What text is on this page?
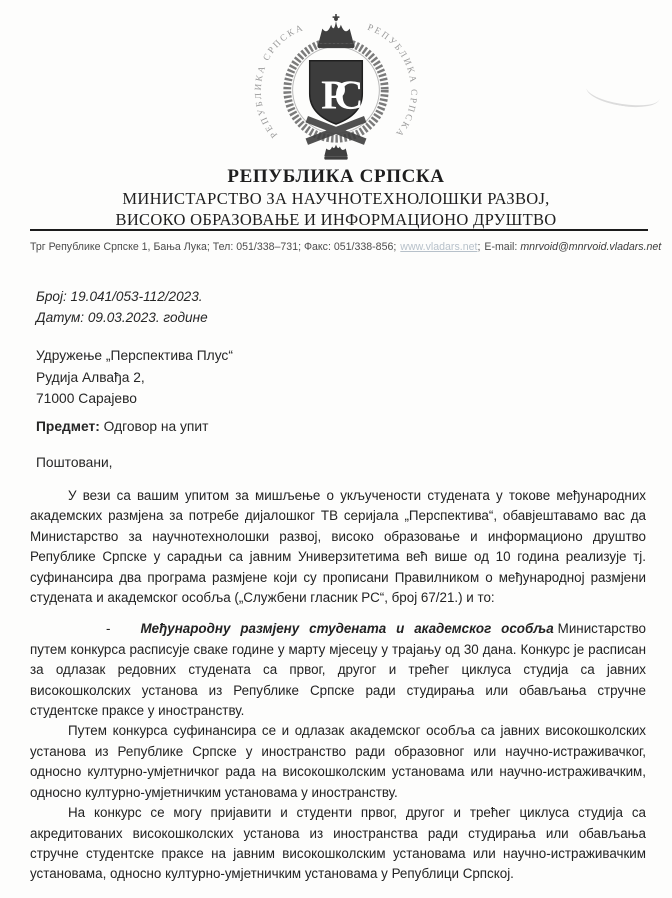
РЕПУБЛИКА СРПСКА	РЕПУБЛИКА СРПСКА
РС
РЕПУБЛИКА СРПСКА
МИНИСТАРСТВО ЗА НАУЧНОТЕХНОЛОШКИ РАЗВОЈ,
ВИСОКО ОБРАЗОВАЊЕ И ИНФОРМАЦИОНО ДРУШТВО
Трг Републике Српске 1, Бања Лука; Тел: 051/338–731; Факс: 051/338-856; www.vladars.net; E-mail: mnrvoid@mnrvoid.vladars.net
Број: 19.041/053-112/2023.
Датум: 09.03.2023. године
Удружење „Перспектива Плус“
Рудија Алвађа 2,
71000 Сарајево
Предмет: Одговор на упит
Поштовани,

У вези са вашим упитом за мишљење о укључености студената у токове међународних академских размјена за потребе дијалошког ТВ серијала „Перспектива“, обавјештавамо вас да Министарство за научнотехнолошки развој, високо образовање и информационо друштво Републике Српске у сарадњи са јавним Универзитетима већ више од 10 година реализује тј. суфинансира два програма размјене који су прописани Правилником о међународној размјени студената и академског особља („Службени гласник РС“, број 67/21.) и то:

- Међународну размјену студената и академског особља Министарство путем конкурса расписује сваке године у марту мјесецу у трајању од 30 дана. Конкурс је расписан за одлазак редовних студената са првог, другог и трећег циклуса студија са јавних високошколских установа из Републике Српске ради студирања или обављања стручне студентске праксе у иностранству.

Путем конкурса суфинансира се и одлазак академског особља са јавних високошколских установа из Републике Српске у иностранство ради образовног или научно-истраживачког, односно културно-умјетничког рада на високошколским установама или научно-истраживачким, односно културно-умјетничким установама у иностранству.

На конкурс се могу пријавити и студенти првог, другог и трећег циклуса студија са акредитованих високошколских установа из иностранства ради студирања или обављања стручне студентске праксе на јавним високошколским установама или научно-истраживачким установама, односно културно-умјетничким установама у Републици Српској.
